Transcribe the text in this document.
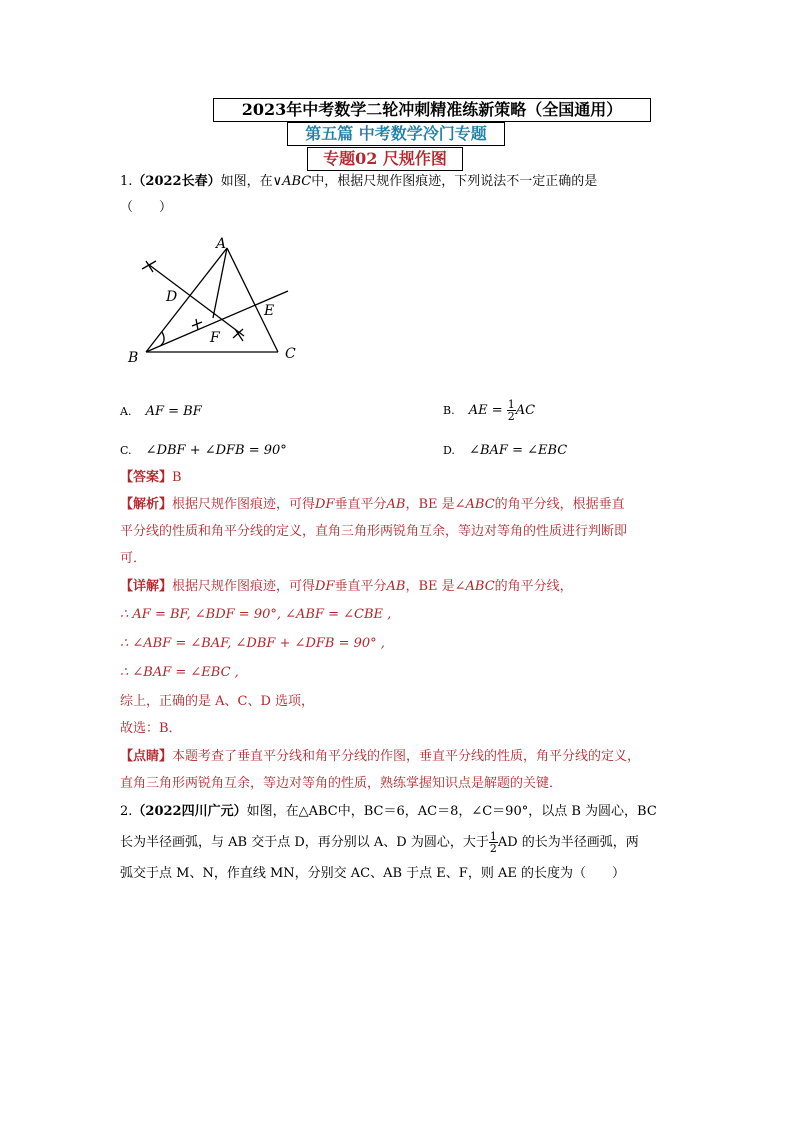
2023年中考数学二轮冲刺精准练新策略（全国通用）
第五篇 中考数学冷门专题
专题02 尺规作图
1.（2022长春）如图，在∨ABC中，根据尺规作图痕迹，下列说法不一定正确的是
（　　）
A
B	C
D
E
F
A. AF = BF	B. AE = $\frac{1}{2}$ AC
C. ∠DBF + ∠DFB = 90°	D. ∠BAF = ∠EBC
【答案】B
【解析】根据尺规作图痕迹，可得DF垂直平分AB，BE 是∠ABC的角平分线，根据垂直
平分线的性质和角平分线的定义，直角三角形两锐角互余，等边对等角的性质进行判断即
可．
【详解】根据尺规作图痕迹，可得DF垂直平分AB，BE 是∠ABC的角平分线，
∴ AF = BF, ∠BDF = 90°, ∠ABF = ∠CBE ,
∴ ∠ABF = ∠BAF, ∠DBF + ∠DFB = 90° ,
∴ ∠BAF = ∠EBC ,
综上，正确的是 A、C、D 选项，
故选：B．
【点睛】本题考查了垂直平分线和角平分线的作图，垂直平分线的性质，角平分线的定义，
直角三角形两锐角互余，等边对等角的性质，熟练掌握知识点是解题的关键．
2.（2022四川广元）如图，在△ABC中，BC＝6，AC＝8，∠C＝90°，以点 B 为圆心，BC
长为半径画弧，与 AB 交于点 D，再分别以 A、D 为圆心，大于 $\frac{1}{2}$ AD 的长为半径画弧，两
弧交于点 M、N，作直线 MN，分别交 AC、AB 于点 E、F，则 AE 的长度为（　　）
